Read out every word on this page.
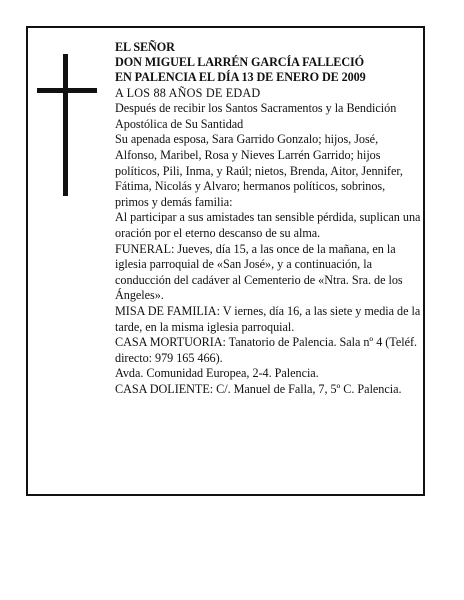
EL SEÑOR

DON MIGUEL LARRÉN GARCÍA FALLECIÓ

EN PALENCIA EL DÍA 13 DE ENERO DE 2009

A LOS 88 AÑOS DE EDAD

Después de recibir los Santos Sacramentos y la Bendición Apostólica de Su Santidad

Su apenada esposa, Sara Garrido Gonzalo; hijos, José, Alfonso, Maribel, Rosa y Nieves Larrén Garrido; hijos políticos, Pili, Inma, y Raúl; nietos, Brenda, Aitor, Jennifer, Fátima, Nicolás y Alvaro; hermanos políticos, sobrinos, primos y demás familia:

Al participar a sus amistades tan sensible pérdida, suplican una oración por el eterno descanso de su alma.

FUNERAL: Jueves, día 15, a las once de la mañana, en la iglesia parroquial de «San José», y a continuación, la conducción del cadáver al Cementerio de «Ntra. Sra. de los Ángeles».

MISA DE FAMILIA: V iernes, día 16, a las siete y media de la tarde, en la misma iglesia parroquial.

CASA MORTUORIA: Tanatorio de Palencia. Sala nº 4 (Teléf. directo: 979 165 466).

Avda. Comunidad Europea, 2-4. Palencia.

CASA DOLIENTE: C/. Manuel de Falla, 7, 5º C. Palencia.
